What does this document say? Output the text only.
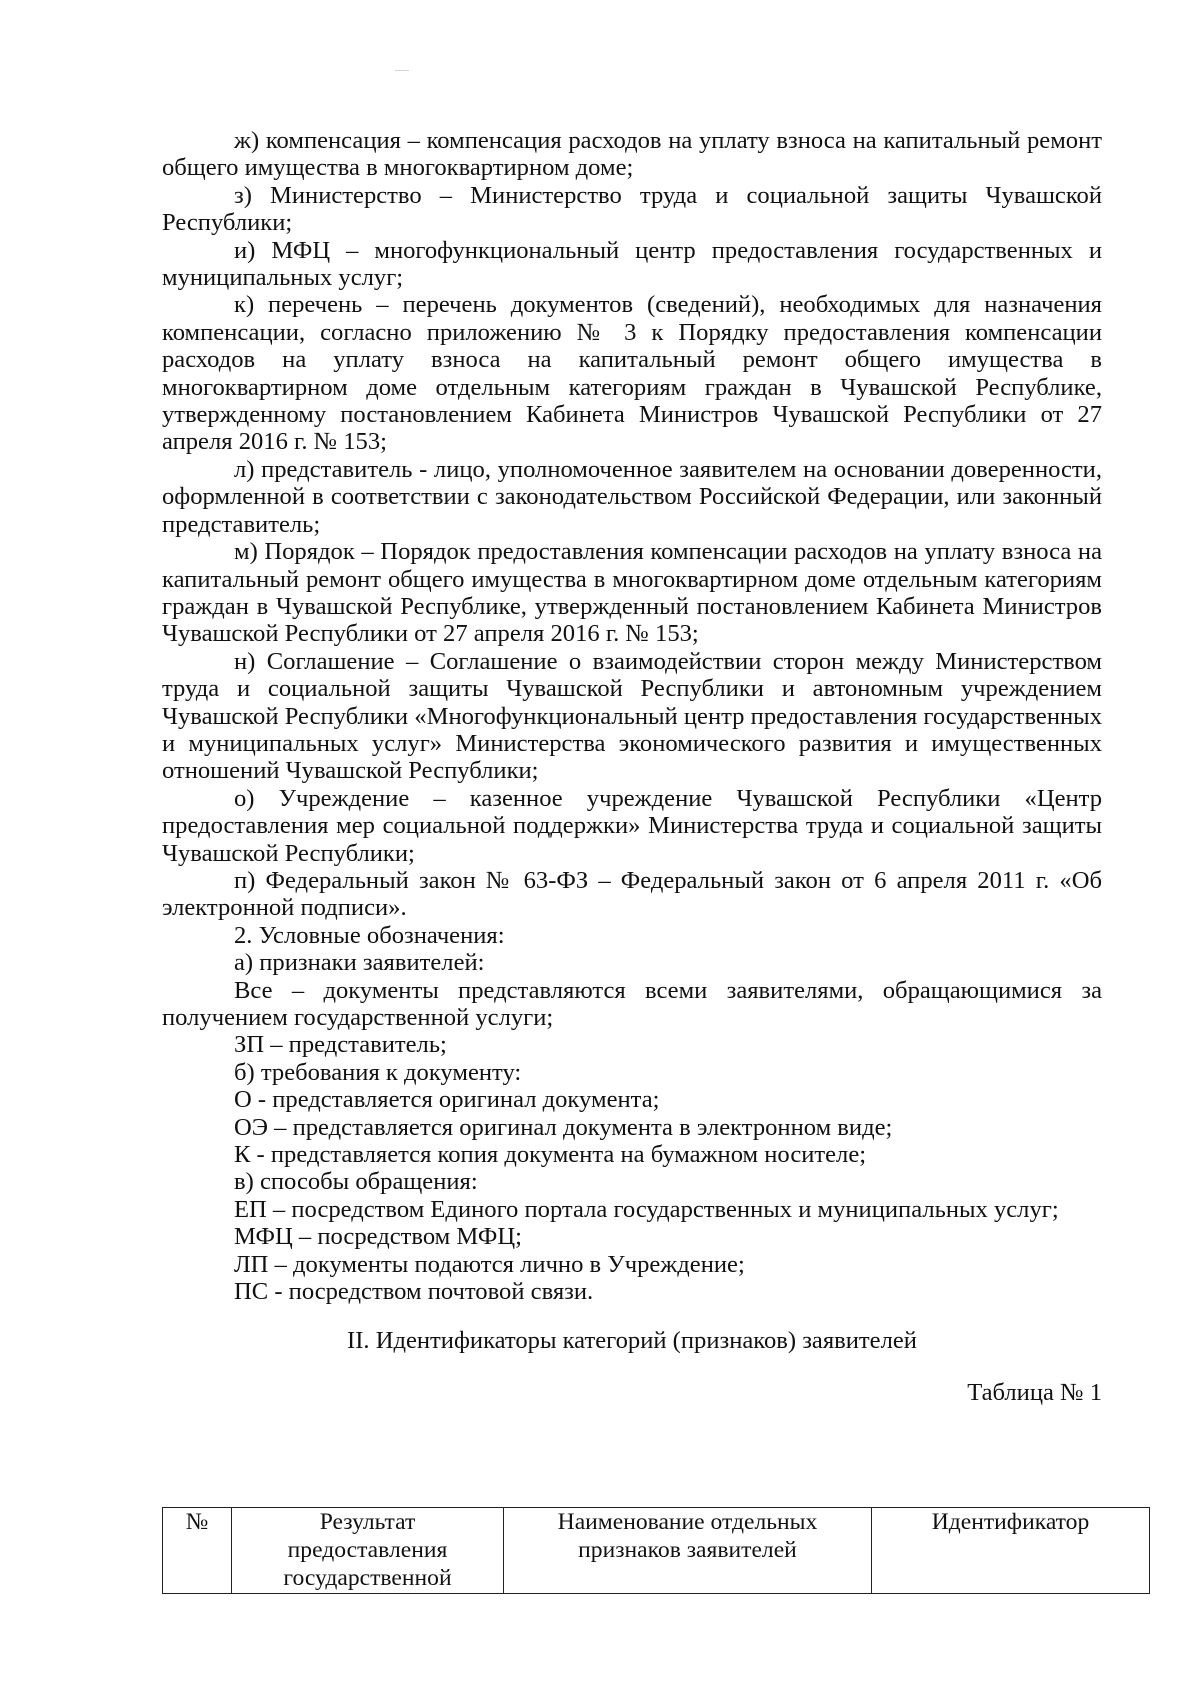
ж) компенсация – компенсация расходов на уплату взноса на капитальный ремонт общего имущества в многоквартирном доме;

з) Министерство – Министерство труда и социальной защиты Чувашской Республики;

и) МФЦ – многофункциональный центр предоставления государственных и муниципальных услуг;

к) перечень – перечень документов (сведений), необходимых для назначения компенсации, согласно приложению № 3 к Порядку предоставления компенсации расходов на уплату взноса на капитальный ремонт общего имущества в многоквартирном доме отдельным категориям граждан в Чувашской Республике, утвержденному постановлением Кабинета Министров Чувашской Республики от 27 апреля 2016 г. № 153;

л) представитель - лицо, уполномоченное заявителем на основании доверенности, оформленной в соответствии с законодательством Российской Федерации, или законный представитель;

м) Порядок – Порядок предоставления компенсации расходов на уплату взноса на капитальный ремонт общего имущества в многоквартирном доме отдельным категориям граждан в Чувашской Республике, утвержденный постановлением Кабинета Министров Чувашской Республики от 27 апреля 2016 г. № 153;

н) Соглашение – Соглашение о взаимодействии сторон между Министерством труда и социальной защиты Чувашской Республики и автономным учреждением Чувашской Республики «Многофункциональный центр предоставления государственных и муниципальных услуг» Министерства экономического развития и имущественных отношений Чувашской Республики;

о) Учреждение – казенное учреждение Чувашской Республики «Центр предоставления мер социальной поддержки» Министерства труда и социальной защиты Чувашской Республики;

п) Федеральный закон № 63-ФЗ – Федеральный закон от 6 апреля 2011 г. «Об электронной подписи».

2. Условные обозначения:

а) признаки заявителей:

Все – документы представляются всеми заявителями, обращающимися за получением государственной услуги;

ЗП – представитель;

б) требования к документу:

О - представляется оригинал документа;

ОЭ – представляется оригинал документа в электронном виде;

К - представляется копия документа на бумажном носителе;

в) способы обращения:

ЕП – посредством Единого портала государственных и муниципальных услуг;

МФЦ – посредством МФЦ;

ЛП – документы подаются лично в Учреждение;

ПС - посредством почтовой связи.

II. Идентификаторы категорий (признаков) заявителей

Таблица № 1

№	Результат предоставления государственной	Наименование отдельных признаков заявителей	Идентификатор
